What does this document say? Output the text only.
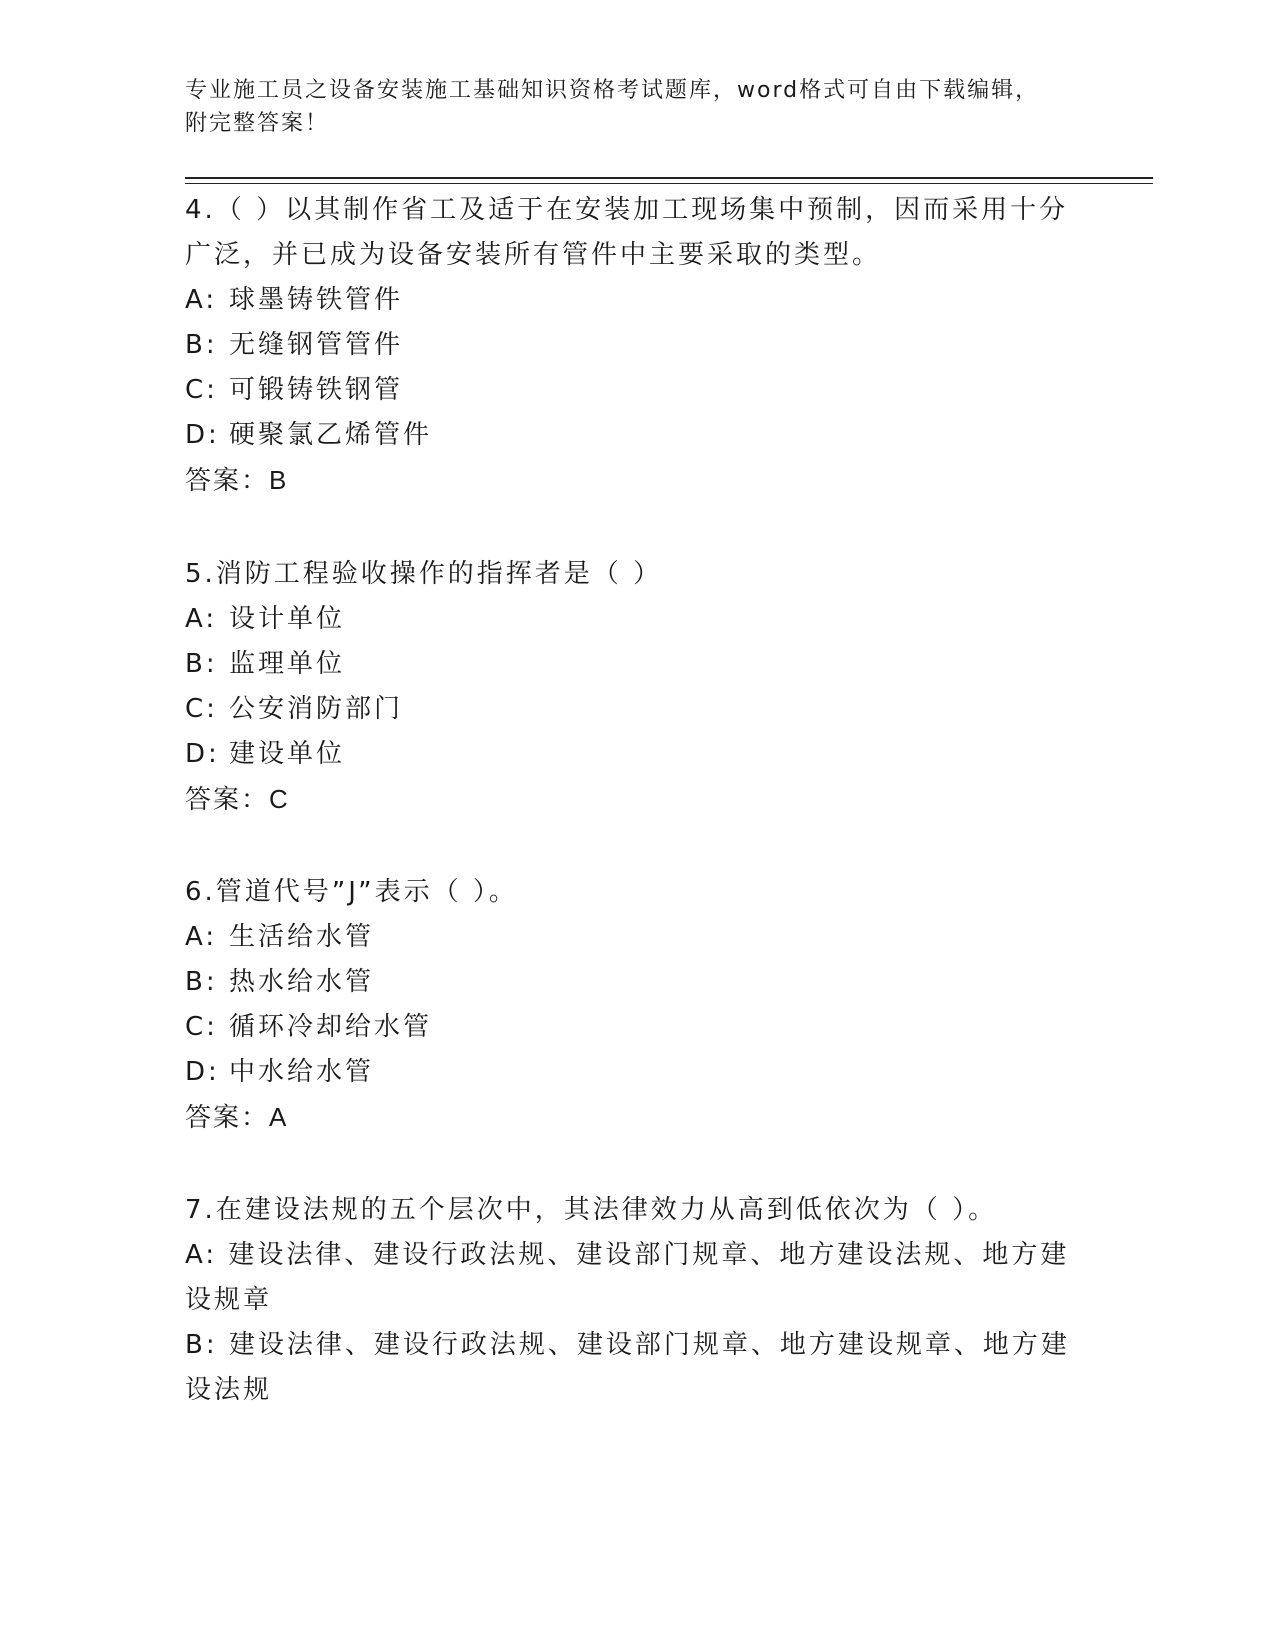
专业施工员之设备安装施工基础知识资格考试题库，word格式可自由下载编辑，
附完整答案！
4.（ ）以其制作省工及适于在安装加工现场集中预制，因而采用十分广泛，并已成为设备安装所有管件中主要采取的类型。
A: 球墨铸铁管件
B: 无缝钢管管件
C: 可锻铸铁钢管
D: 硬聚氯乙烯管件
答案：B
5.消防工程验收操作的指挥者是（ ）
A: 设计单位
B: 监理单位
C: 公安消防部门
D: 建设单位
答案：C
6.管道代号”J”表示（ ）。
A: 生活给水管
B: 热水给水管
C: 循环冷却给水管
D: 中水给水管
答案：A
7.在建设法规的五个层次中，其法律效力从高到低依次为（ ）。
A: 建设法律、建设行政法规、建设部门规章、地方建设法规、地方建设规章
B: 建设法律、建设行政法规、建设部门规章、地方建设规章、地方建设法规
